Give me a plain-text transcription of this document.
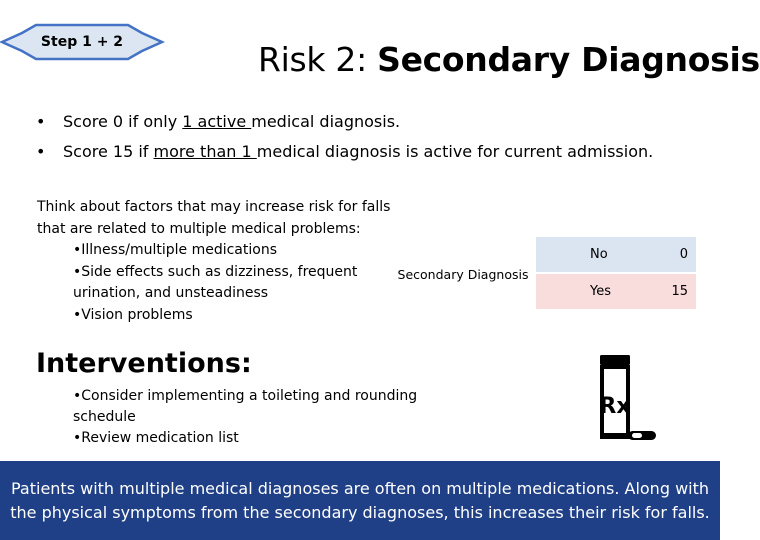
Step 1 + 2	Risk 2: Secondary Diagnosis
• Score 0 if only 1 active medical diagnosis.
• Score 15 if more than 1 medical diagnosis is active for current admission.
Think about factors that may increase risk for falls that are related to multiple medical problems:
•Illness/multiple medications
•Side effects such as dizziness, frequent urination, and unsteadiness
•Vision problems
Secondary Diagnosis
No	0
Yes	15
Interventions:
•Consider implementing a toileting and rounding schedule
•Review medication list
Rx
Patients with multiple medical diagnoses are often on multiple medications. Along with the physical symptoms from the secondary diagnoses, this increases their risk for falls.
